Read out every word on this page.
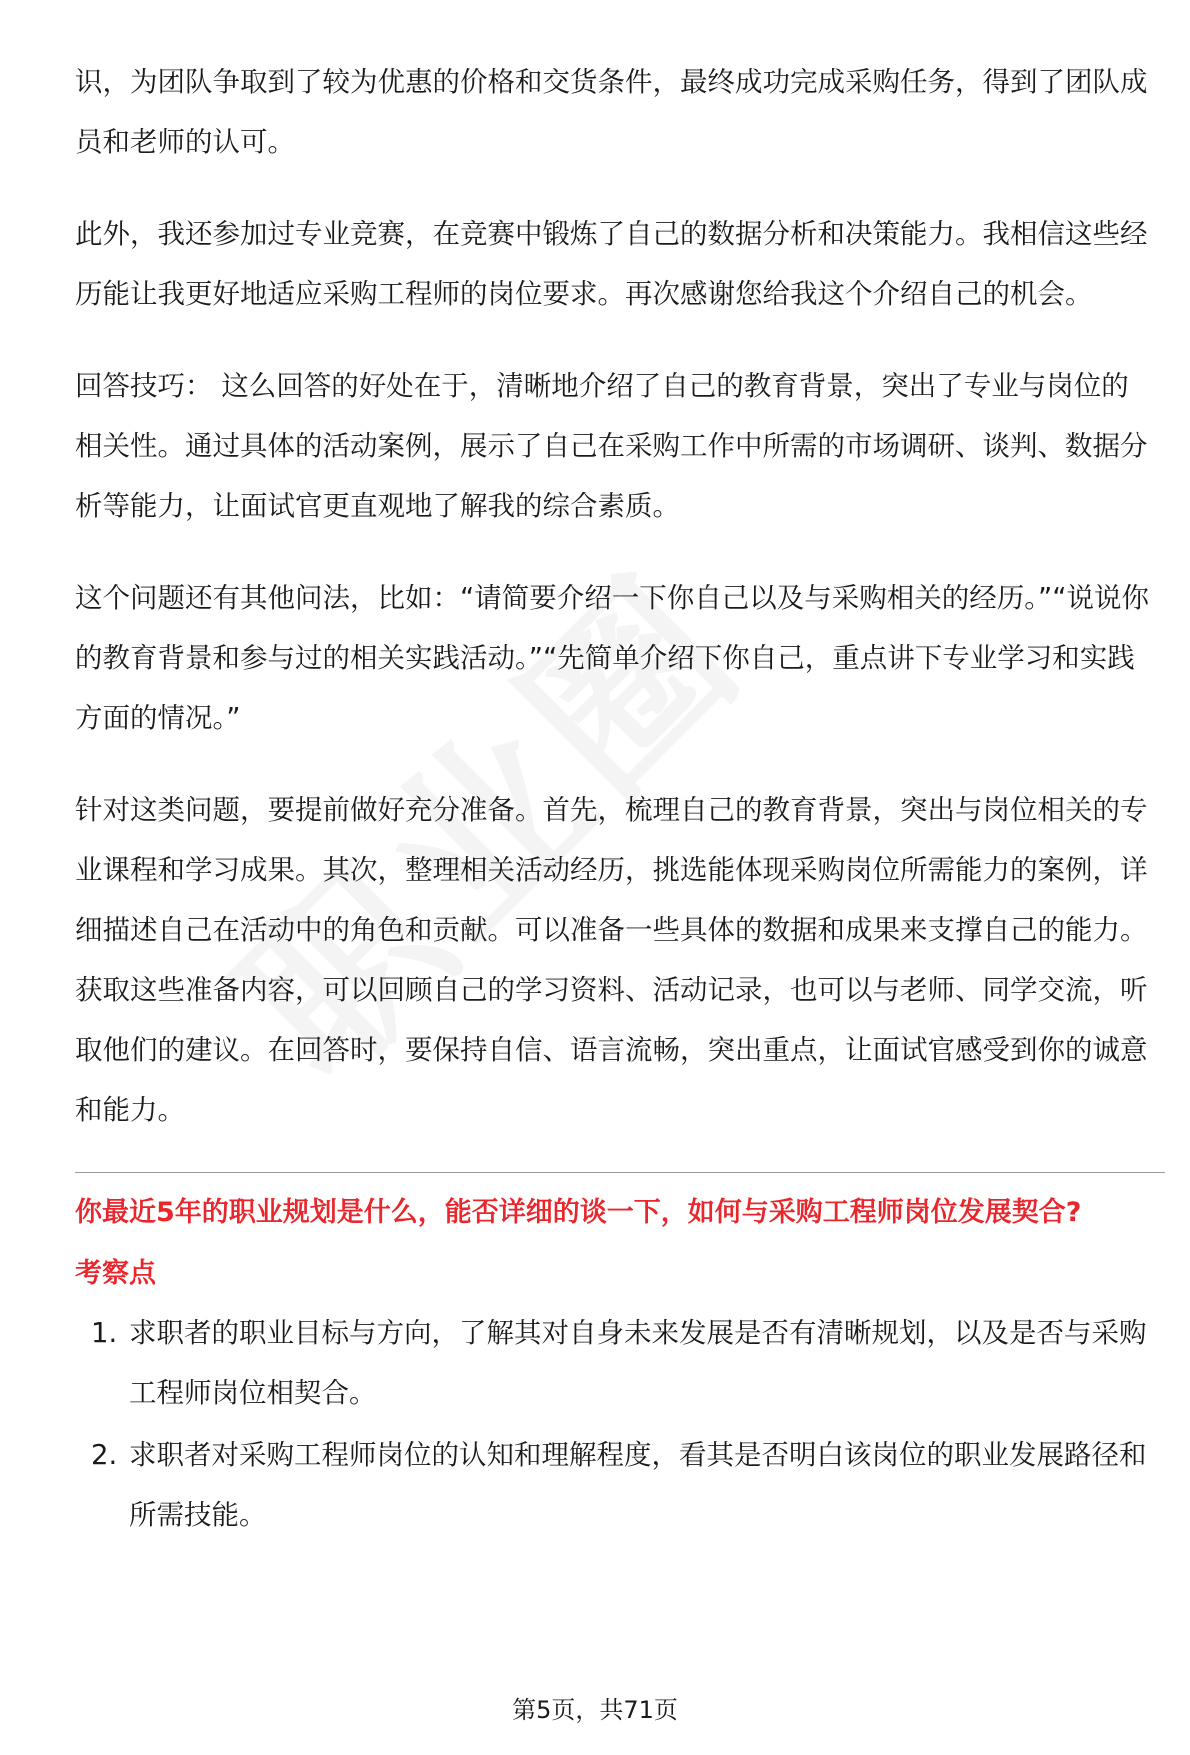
识，为团队争取到了较为优惠的价格和交货条件，最终成功完成采购任务，得到了团队成员和老师的认可。

此外，我还参加过专业竞赛，在竞赛中锻炼了自己的数据分析和决策能力。我相信这些经历能让我更好地适应采购工程师的岗位要求。再次感谢您给我这个介绍自己的机会。

回答技巧： 这么回答的好处在于，清晰地介绍了自己的教育背景，突出了专业与岗位的相关性。通过具体的活动案例，展示了自己在采购工作中所需的市场调研、谈判、数据分析等能力，让面试官更直观地了解我的综合素质。

这个问题还有其他问法，比如：“请简要介绍一下你自己以及与采购相关的经历。”“说说你的教育背景和参与过的相关实践活动。”“先简单介绍下你自己，重点讲下专业学习和实践方面的情况。”

针对这类问题，要提前做好充分准备。首先，梳理自己的教育背景，突出与岗位相关的专业课程和学习成果。其次，整理相关活动经历，挑选能体现采购岗位所需能力的案例，详细描述自己在活动中的角色和贡献。可以准备一些具体的数据和成果来支撑自己的能力。获取这些准备内容，可以回顾自己的学习资料、活动记录，也可以与老师、同学交流，听取他们的建议。在回答时，要保持自信、语言流畅，突出重点，让面试官感受到你的诚意和能力。

你最近5年的职业规划是什么，能否详细的谈一下，如何与采购工程师岗位发展契合?
考察点
1. 求职者的职业目标与方向，了解其对自身未来发展是否有清晰规划，以及是否与采购工程师岗位相契合。
2. 求职者对采购工程师岗位的认知和理解程度，看其是否明白该岗位的职业发展路径和所需技能。
第5页，共71页
